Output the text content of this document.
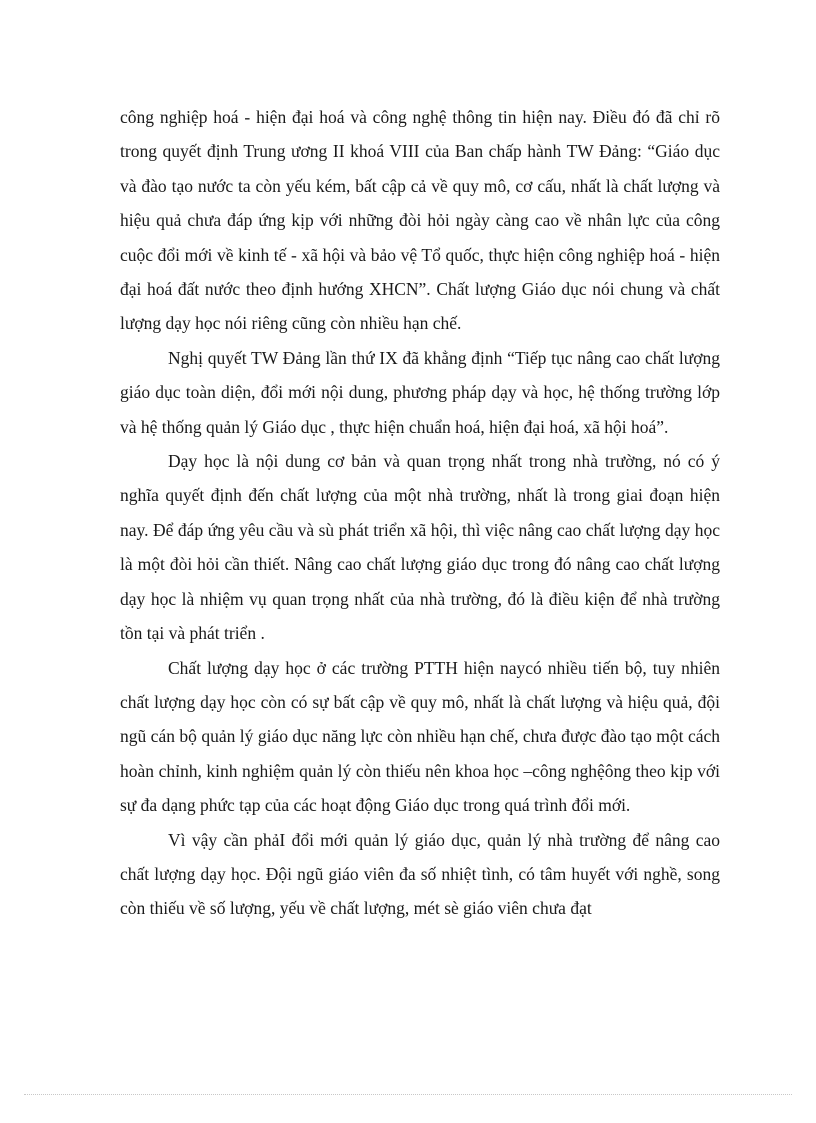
công nghiệp hoá - hiện đại hoá và công nghệ thông tin hiện nay. Điều đó đã chỉ rõ trong quyết định Trung ương II khoá VIII của Ban chấp hành TW Đảng: “Giáo dục và đào tạo nước ta còn yếu kém, bất cập cả về quy mô, cơ cấu, nhất là chất lượng và hiệu quả chưa đáp ứng kịp với những đòi hỏi ngày càng cao về nhân lực của công cuộc đổi mới về kinh tế - xã hội và bảo vệ Tổ quốc, thực hiện công nghiệp hoá - hiện đại hoá đất nước theo định hướng XHCN”. Chất lượng Giáo dục nói chung và chất lượng dạy học nói riêng cũng còn nhiều hạn chế.

Nghị quyết TW Đảng lần thứ IX đã khẳng định “Tiếp tục nâng cao chất lượng giáo dục toàn diện, đổi mới nội dung, phương pháp dạy và học, hệ thống trường lớp và hệ thống quản lý Giáo dục , thực hiện chuẩn hoá, hiện đại hoá, xã hội hoá”.

Dạy học là nội dung cơ bản và quan trọng nhất trong nhà trường, nó có ý nghĩa quyết định đến chất lượng của một nhà trường, nhất là trong giai đoạn hiện nay. Để đáp ứng yêu cầu và sù phát triển xã hội, thì việc nâng cao chất lượng dạy học là một đòi hỏi cần thiết. Nâng cao chất lượng giáo dục trong đó nâng cao chất lượng dạy học là nhiệm vụ quan trọng nhất của nhà trường, đó là điều kiện để nhà trường tồn tại và phát triển .

Chất lượng dạy học ở các trường PTTH hiện naycó nhiều tiến bộ, tuy nhiên chất lượng dạy học còn có sự bất cập về quy mô, nhất là chất lượng và hiệu quả, đội ngũ cán bộ quản lý giáo dục năng lực còn nhiều hạn chế, chưa được đào tạo một cách hoàn chỉnh, kinh nghiệm quản lý còn thiếu nên khoa học –công nghệông theo kịp với sự đa dạng phức tạp của các hoạt động Giáo dục trong quá trình đổi mới.

Vì vậy cần phảI đổi mới quản lý giáo dục, quản lý nhà trường để nâng cao chất lượng dạy học. Đội ngũ giáo viên đa số nhiệt tình, có tâm huyết với nghề, song còn thiếu về số lượng, yếu về chất lượng, mét sè giáo viên chưa đạt
